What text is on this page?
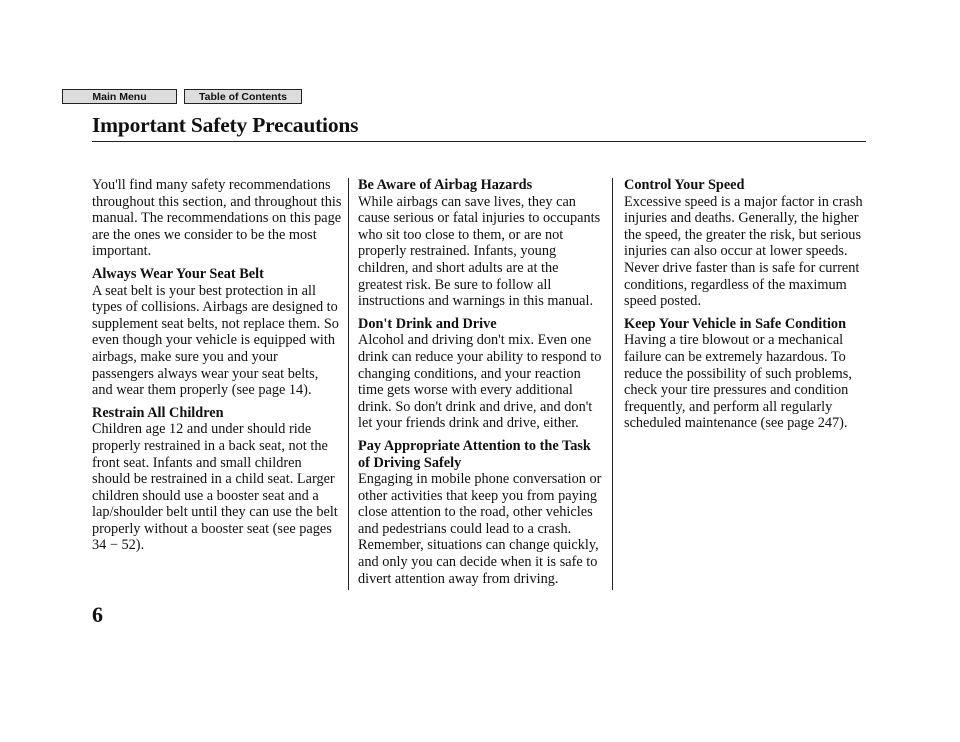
Main Menu	Table of Contents
Important Safety Precautions

You'll find many safety recommendations throughout this section, and throughout this manual. The recommendations on this page are the ones we consider to be the most important.

Always Wear Your Seat Belt

A seat belt is your best protection in all types of collisions. Airbags are designed to supplement seat belts, not replace them. So even though your vehicle is equipped with airbags, make sure you and your passengers always wear your seat belts, and wear them properly (see page 14).

Restrain All Children

Children age 12 and under should ride properly restrained in a back seat, not the front seat. Infants and small children should be restrained in a child seat. Larger children should use a booster seat and a lap/shoulder belt until they can use the belt properly without a booster seat (see pages 34 − 52).

Be Aware of Airbag Hazards

While airbags can save lives, they can cause serious or fatal injuries to occupants who sit too close to them, or are not properly restrained. Infants, young children, and short adults are at the greatest risk. Be sure to follow all instructions and warnings in this manual.

Don't Drink and Drive

Alcohol and driving don't mix. Even one drink can reduce your ability to respond to changing conditions, and your reaction time gets worse with every additional drink. So don't drink and drive, and don't let your friends drink and drive, either.

Pay Appropriate Attention to the Task of Driving Safely

Engaging in mobile phone conversation or other activities that keep you from paying close attention to the road, other vehicles and pedestrians could lead to a crash. Remember, situations can change quickly, and only you can decide when it is safe to divert attention away from driving.

Control Your Speed

Excessive speed is a major factor in crash injuries and deaths. Generally, the higher the speed, the greater the risk, but serious injuries can also occur at lower speeds. Never drive faster than is safe for current conditions, regardless of the maximum speed posted.

Keep Your Vehicle in Safe Condition

Having a tire blowout or a mechanical failure can be extremely hazardous. To reduce the possibility of such problems, check your tire pressures and condition frequently, and perform all regularly scheduled maintenance (see page 247).

6
